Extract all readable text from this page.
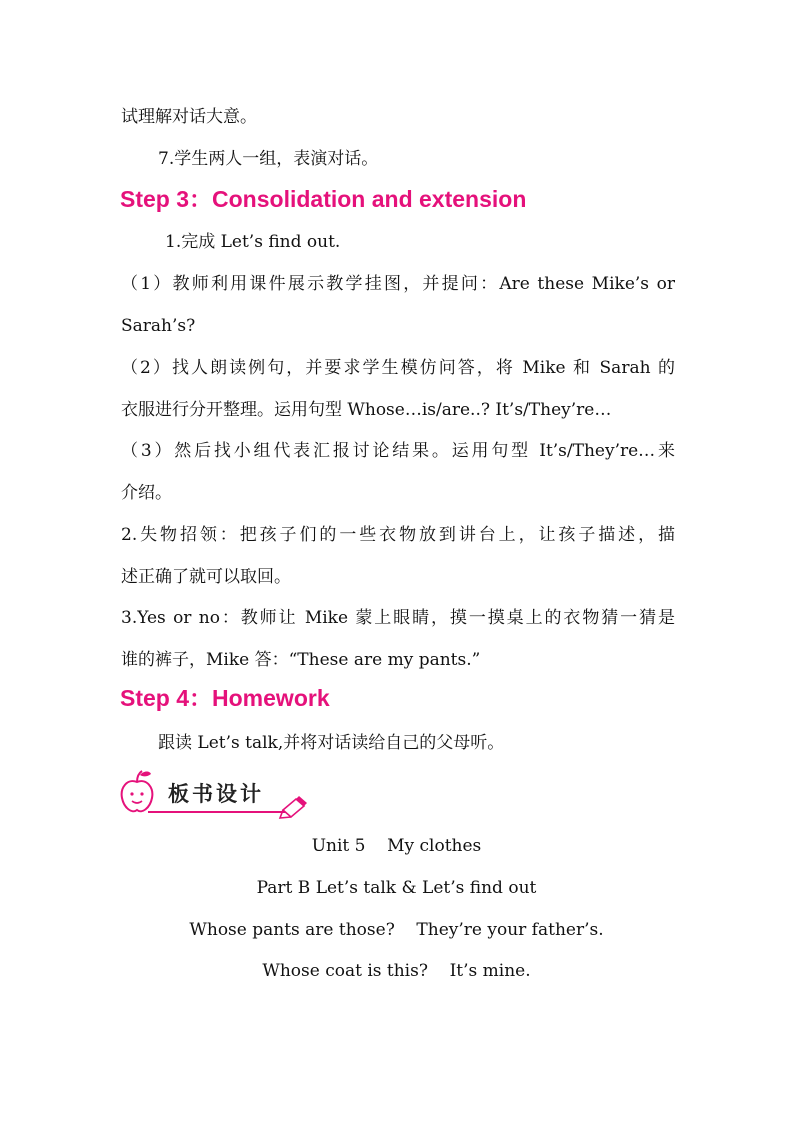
试理解对话大意。
7.学生两人一组，表演对话。
Step 3：Consolidation and extension
1.完成 Let’s find out.
（1）教师利用课件展示教学挂图，并提问：Are these Mike’s or
Sarah’s?
（2）找人朗读例句，并要求学生模仿问答，将 Mike 和 Sarah 的
衣服进行分开整理。运用句型 Whose…is/are..? It’s/They’re…
（3）然后找小组代表汇报讨论结果。运用句型 It’s/They’re…来
介绍。
2.失物招领：把孩子们的一些衣物放到讲台上，让孩子描述，描
述正确了就可以取回。
3.Yes or no：教师让 Mike 蒙上眼睛，摸一摸桌上的衣物猜一猜是
谁的裤子，Mike 答：“These are my pants.”
Step 4：Homework
跟读 Let’s talk,并将对话读给自己的父母听。
板书设计
Unit 5    My clothes
Part B Let’s talk & Let’s find out
Whose pants are those?    They’re your father’s.
Whose coat is this?    It’s mine.
